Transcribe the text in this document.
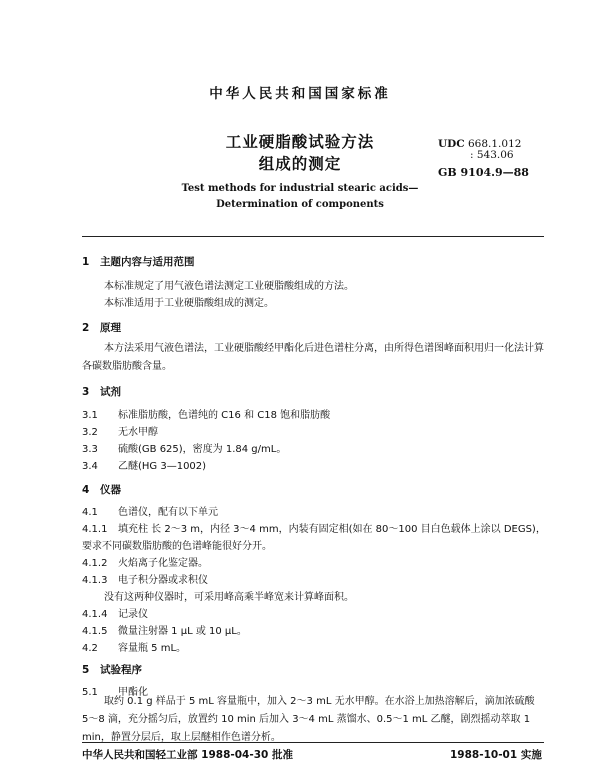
中华人民共和国国家标准
工业硬脂酸试验方法
组成的测定
UDC 668.1.012
: 543.06
GB 9104.9—88
Test methods for industrial stearic acids—
Determination of components
1 主题内容与适用范围
本标准规定了用气液色谱法测定工业硬脂酸组成的方法。
本标准适用于工业硬脂酸组成的测定。
2 原理
本方法采用气液色谱法，工业硬脂酸经甲酯化后进色谱柱分离，由所得色谱图峰面积用归一化法计算各碳数脂肪酸含量。
3 试剂
3.1 标准脂肪酸，色谱纯的 C16 和 C18 饱和脂肪酸
3.2 无水甲醇
3.3 硫酸(GB 625)，密度为 1.84 g/mL。
3.4 乙醚(HG 3—1002)
4 仪器
4.1 色谱仪，配有以下单元
4.1.1 填充柱 长 2～3 m，内径 3～4 mm，内装有固定相(如在 80～100 目白色载体上涂以 DEGS)，
要求不同碳数脂肪酸的色谱峰能很好分开。
4.1.2 火焰离子化鉴定器。
4.1.3 电子积分器或求积仪
没有这两种仪器时，可采用峰高乘半峰宽来计算峰面积。
4.1.4 记录仪
4.1.5 微量注射器 1 μL 或 10 μL。
4.2 容量瓶 5 mL。
5 试验程序
5.1 甲酯化
取约 0.1 g 样品于 5 mL 容量瓶中，加入 2～3 mL 无水甲醇。在水浴上加热溶解后，滴加浓硫酸 5～8 滴，充分摇匀后，放置约 10 min 后加入 3～4 mL 蒸馏水、0.5～1 mL 乙醚，剧烈摇动萃取 1 min，静置分层后，取上层醚相作色谱分析。
中华人民共和国轻工业部 1988-04-30 批准	1988-10-01 实施
